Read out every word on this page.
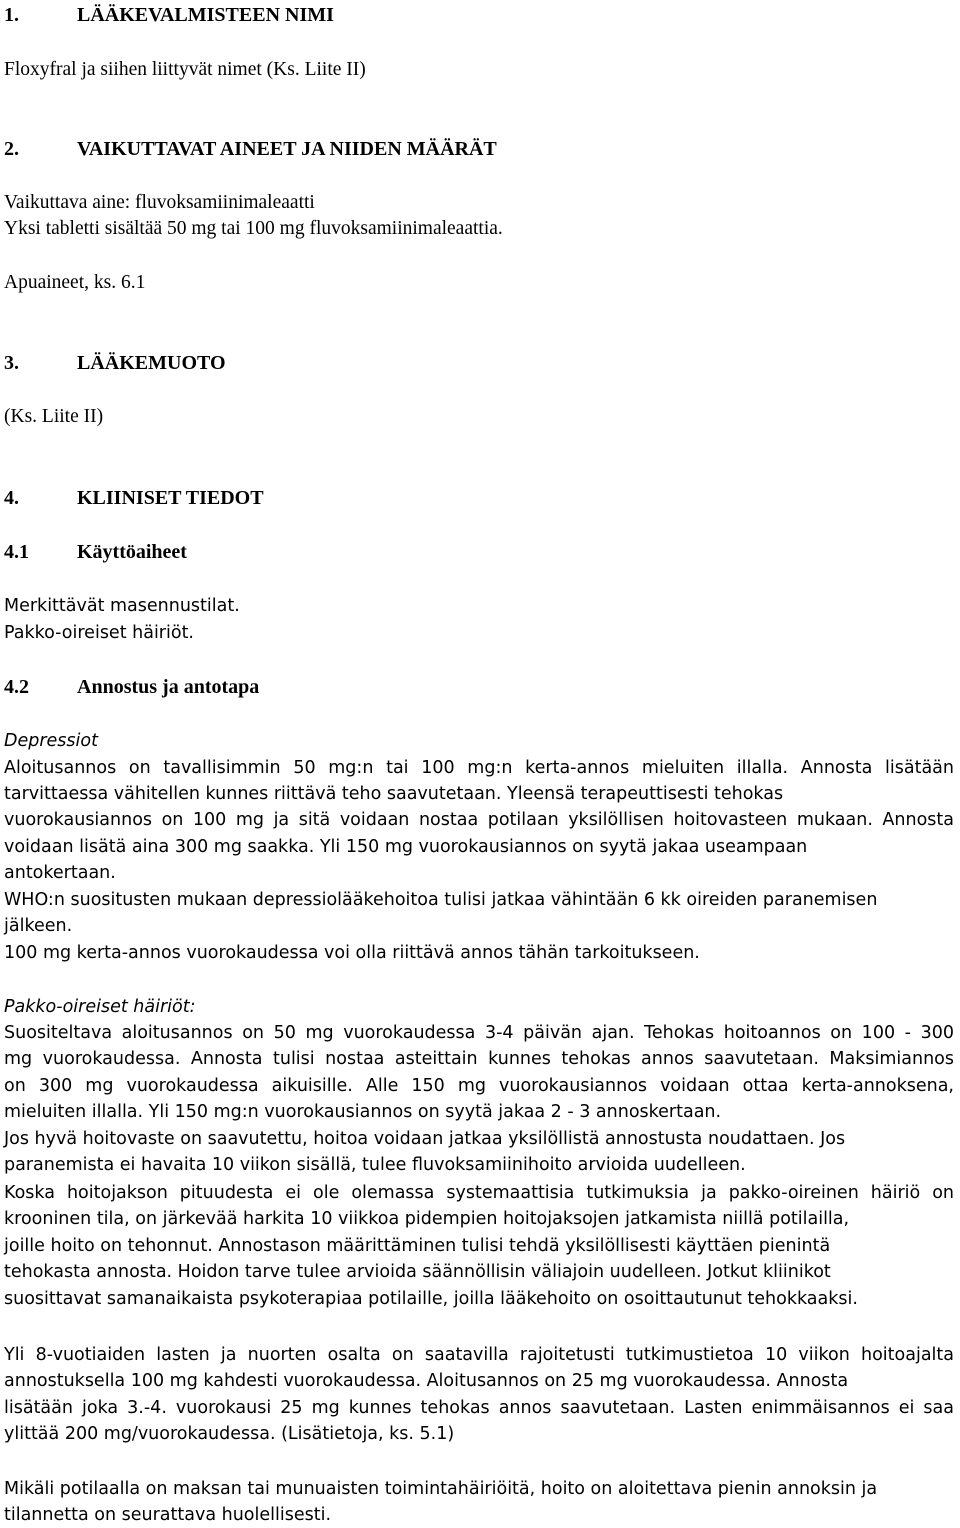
1.	LÄÄKEVALMISTEEN NIMI
Floxyfral ja siihen liittyvät nimet (Ks. Liite II)
2.	VAIKUTTAVAT AINEET JA NIIDEN MÄÄRÄT
Vaikuttava aine: fluvoksamiinimaleaatti
Yksi tabletti sisältää 50 mg tai 100 mg fluvoksamiinimaleaattia.
Apuaineet, ks. 6.1
3.	LÄÄKEMUOTO
(Ks. Liite II)
4.	KLIINISET TIEDOT
4.1 Käyttöaiheet
Merkittävät masennustilat.
Pakko-oireiset häiriöt.
4.2 Annostus ja antotapa
Depressiot
Aloitusannos on tavallisimmin 50 mg:n tai 100 mg:n kerta-annos mieluiten illalla. Annosta lisätään
tarvittaessa vähitellen kunnes riittävä teho saavutetaan. Yleensä terapeuttisesti tehokas
vuorokausiannos on 100 mg ja sitä voidaan nostaa potilaan yksilöllisen hoitovasteen mukaan. Annosta
voidaan lisätä aina 300 mg saakka. Yli 150 mg vuorokausiannos on syytä jakaa useampaan
antokertaan.
WHO:n suositusten mukaan depressiolääkehoitoa tulisi jatkaa vähintään 6 kk oireiden paranemisen
jälkeen.
100 mg kerta-annos vuorokaudessa voi olla riittävä annos tähän tarkoitukseen.
Pakko-oireiset häiriöt:
Suositeltava aloitusannos on 50 mg vuorokaudessa 3-4 päivän ajan. Tehokas hoitoannos on 100 - 300
mg vuorokaudessa. Annosta tulisi nostaa asteittain kunnes tehokas annos saavutetaan. Maksimiannos
on 300 mg vuorokaudessa aikuisille. Alle 150 mg vuorokausiannos voidaan ottaa kerta-annoksena,
mieluiten illalla. Yli 150 mg:n vuorokausiannos on syytä jakaa 2 - 3 annoskertaan.
Jos hyvä hoitovaste on saavutettu, hoitoa voidaan jatkaa yksilöllistä annostusta noudattaen. Jos
paranemista ei havaita 10 viikon sisällä, tulee fluvoksamiinihoito arvioida uudelleen.
Koska hoitojakson pituudesta ei ole olemassa systemaattisia tutkimuksia ja pakko-oireinen häiriö on
krooninen tila, on järkevää harkita 10 viikkoa pidempien hoitojaksojen jatkamista niillä potilailla,
joille hoito on tehonnut. Annostason määrittäminen tulisi tehdä yksilöllisesti käyttäen pienintä
tehokasta annosta. Hoidon tarve tulee arvioida säännöllisin väliajoin uudelleen. Jotkut kliinikot
suosittavat samanaikaista psykoterapiaa potilaille, joilla lääkehoito on osoittautunut tehokkaaksi.
Yli 8-vuotiaiden lasten ja nuorten osalta on saatavilla rajoitetusti tutkimustietoa 10 viikon hoitoajalta
annostuksella 100 mg kahdesti vuorokaudessa. Aloitusannos on 25 mg vuorokaudessa. Annosta
lisätään joka 3.-4. vuorokausi 25 mg kunnes tehokas annos saavutetaan. Lasten enimmäisannos ei saa
ylittää 200 mg/vuorokaudessa. (Lisätietoja, ks. 5.1)
Mikäli potilaalla on maksan tai munuaisten toimintahäiriöitä, hoito on aloitettava pienin annoksin ja
tilannetta on seurattava huolellisesti.
